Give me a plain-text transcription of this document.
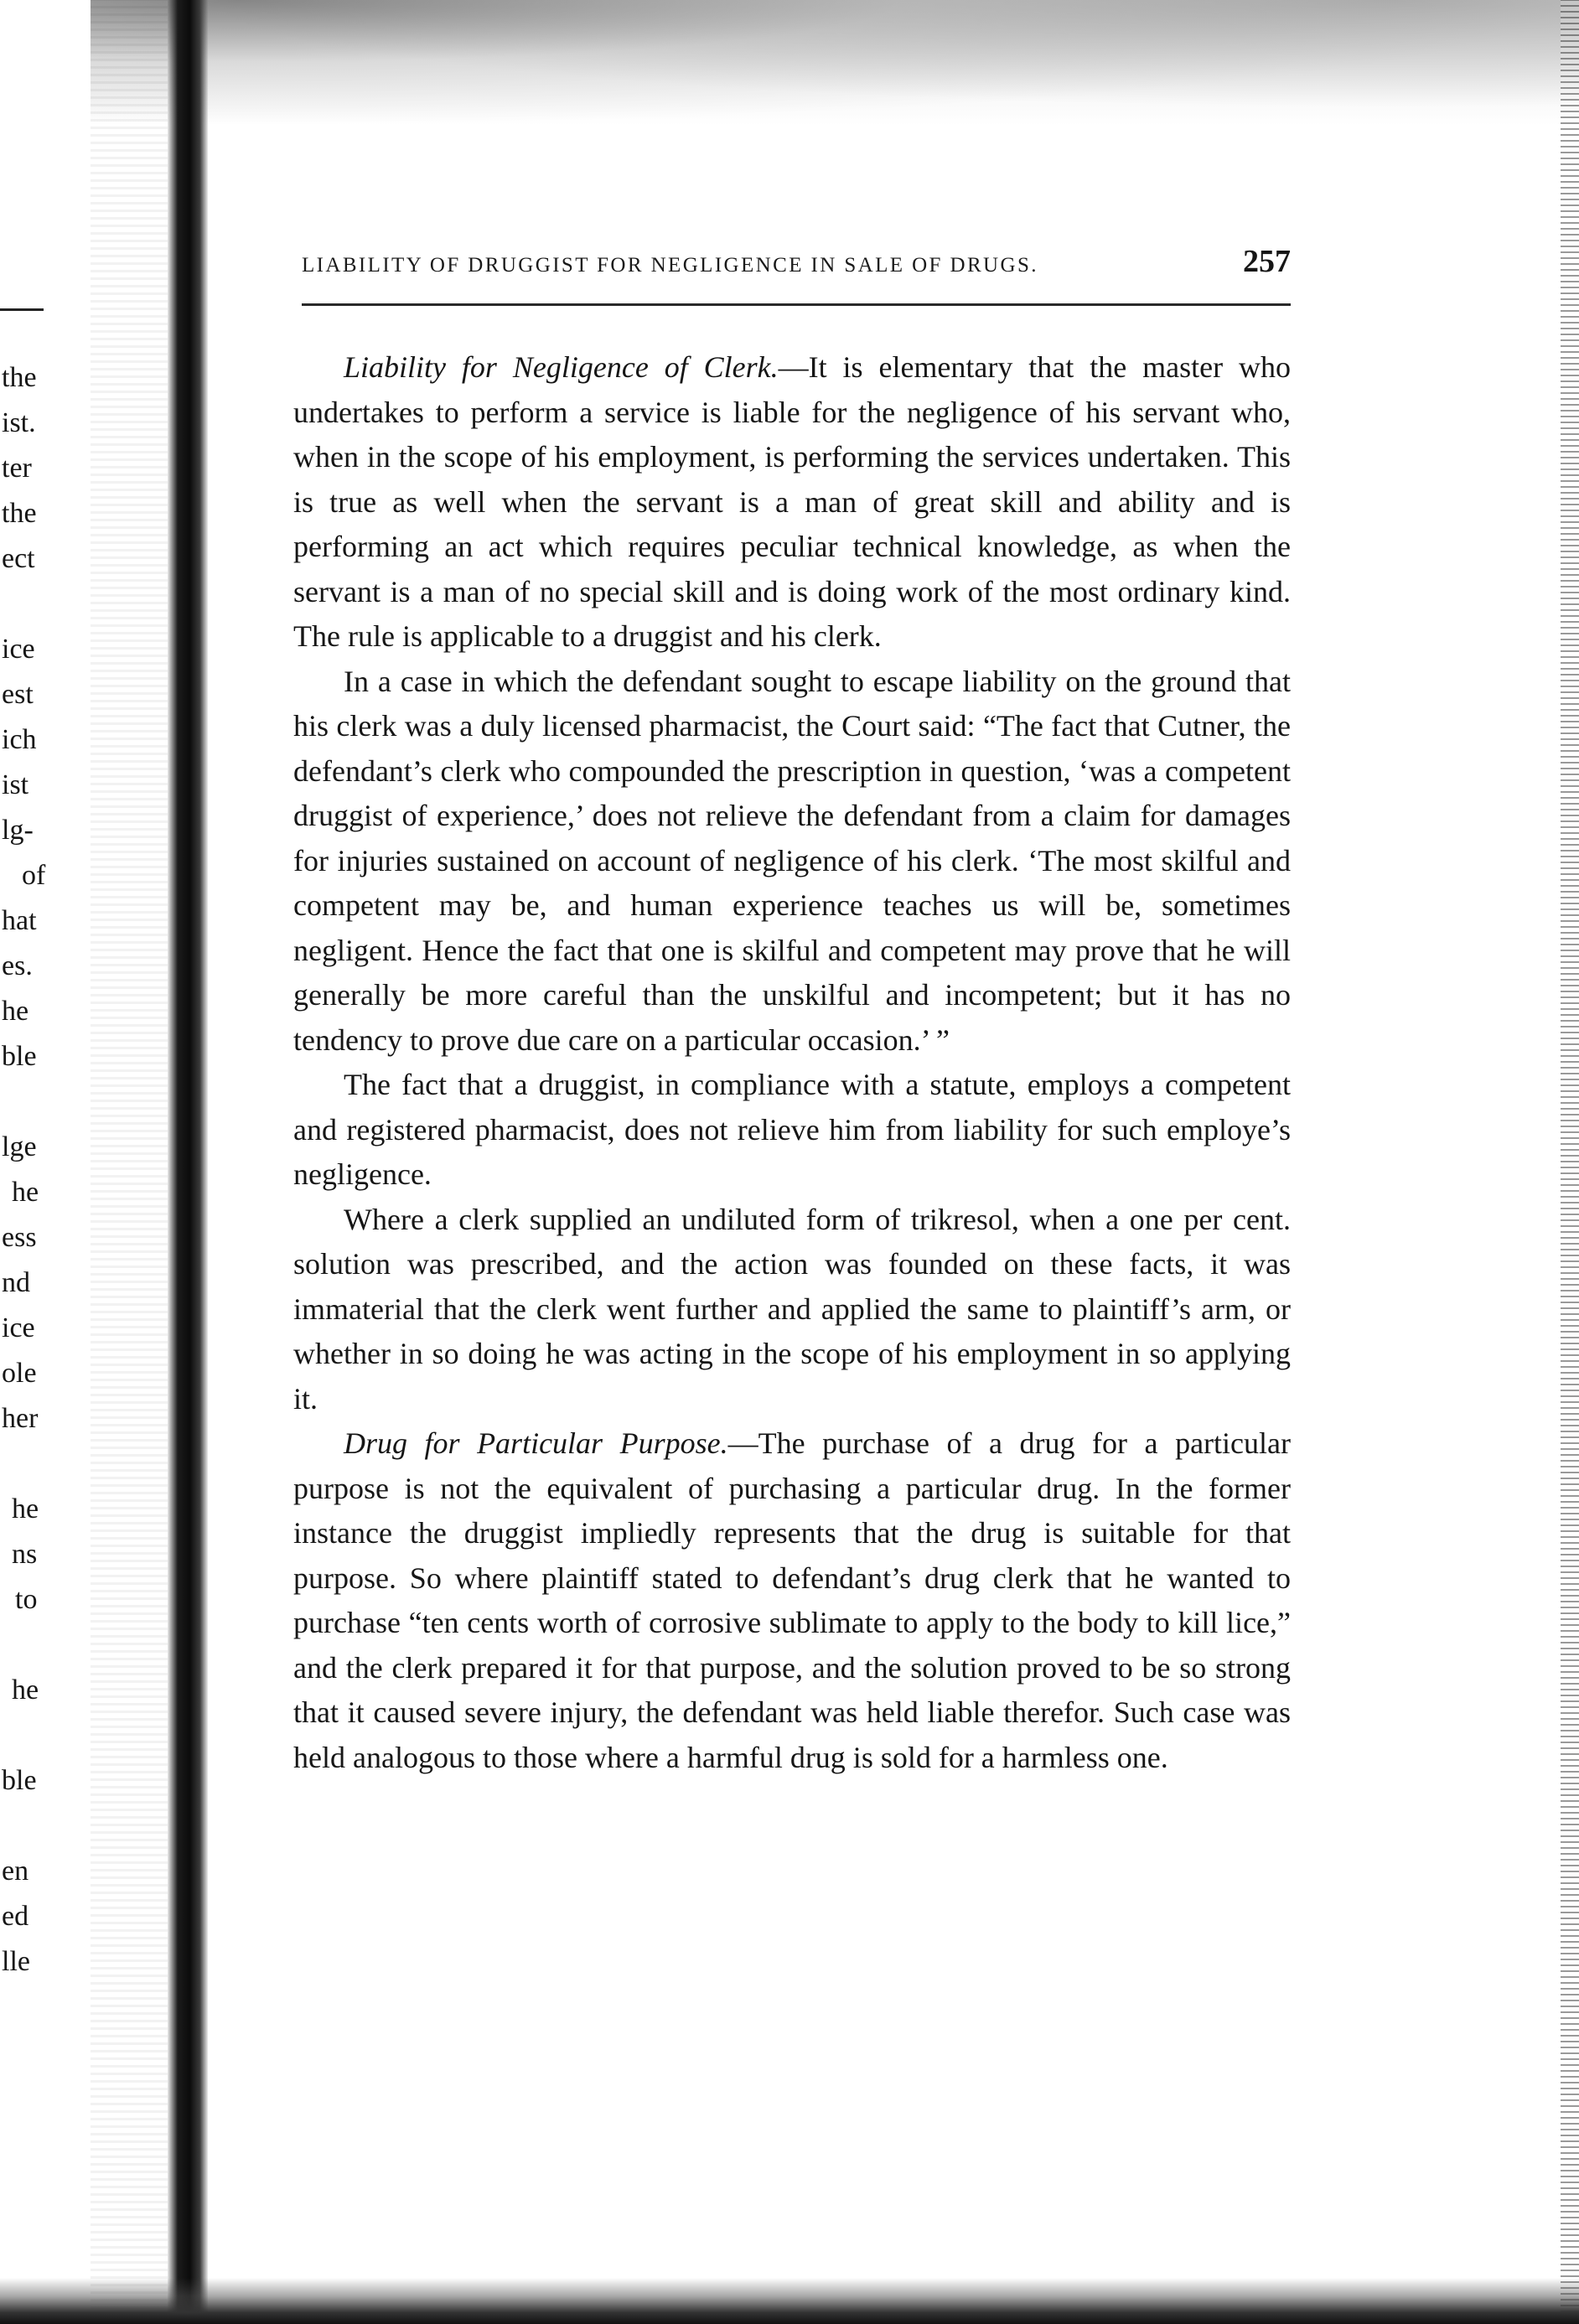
the
ist.
ter
the
ect
ice
est
ich
ist
lg-
of
hat
es.
he
ble
lge
he
ess
nd
ice
ole
her
he
ns
to
he
ble
en
ed
lle
LIABILITY OF DRUGGIST FOR NEGLIGENCE IN SALE OF DRUGS.	257

Liability for Negligence of Clerk.—It is elementary that the master who undertakes to perform a service is liable for the negligence of his servant who, when in the scope of his employment, is performing the services undertaken. This is true as well when the servant is a man of great skill and ability and is performing an act which requires peculiar technical knowledge, as when the servant is a man of no special skill and is doing work of the most ordinary kind. The rule is applicable to a druggist and his clerk.

In a case in which the defendant sought to escape liability on the ground that his clerk was a duly licensed pharmacist, the Court said: “The fact that Cutner, the defendant’s clerk who compounded the prescription in question, ‘was a competent druggist of experience,’ does not relieve the defendant from a claim for damages for injuries sustained on account of negligence of his clerk. ‘The most skilful and competent may be, and human experience teaches us will be, sometimes negligent. Hence the fact that one is skilful and competent may prove that he will generally be more careful than the unskilful and incompetent; but it has no tendency to prove due care on a particular occasion.’ ”

The fact that a druggist, in compliance with a statute, employs a competent and registered pharmacist, does not relieve him from liability for such employe’s negligence.

Where a clerk supplied an undiluted form of trikresol, when a one per cent. solution was prescribed, and the action was founded on these facts, it was immaterial that the clerk went further and applied the same to plaintiff’s arm, or whether in so doing he was acting in the scope of his employment in so applying it.

Drug for Particular Purpose.—The purchase of a drug for a particular purpose is not the equivalent of purchasing a particular drug. In the former instance the druggist impliedly represents that the drug is suitable for that purpose. So where plaintiff stated to defendant’s drug clerk that he wanted to purchase “ten cents worth of corrosive sublimate to apply to the body to kill lice,” and the clerk prepared it for that purpose, and the solution proved to be so strong that it caused severe injury, the defendant was held liable therefor. Such case was held analogous to those where a harmful drug is sold for a harmless one.
